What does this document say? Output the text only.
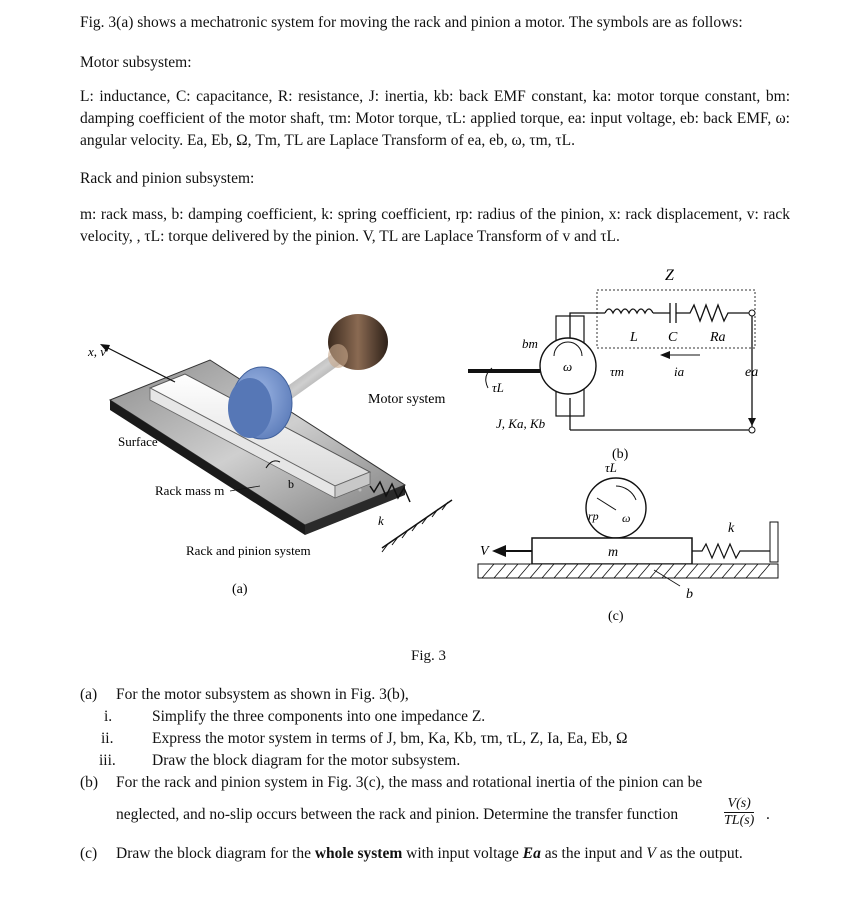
Fig. 3(a) shows a mechatronic system for moving the rack and pinion a motor. The symbols are as follows:

Motor subsystem:

L: inductance, C: capacitance, R: resistance, J: inertia, kb: back EMF constant, ka: motor torque constant, bm: damping coefficient of the motor shaft, τm: Motor torque, τL: applied torque, ea: input voltage, eb: back EMF, ω: angular velocity. Ea, Eb, Ω, Tm, TL are Laplace Transform of ea, eb, ω, τm, τL.

Rack and pinion subsystem:

m: rack mass, b: damping coefficient, k: spring coefficient, rp: radius of the pinion, x: rack displacement, v: rack velocity, , τL: torque delivered by the pinion. V, TL are Laplace Transform of v and τL.

x, v
b
k
Motor system
Surface
Rack mass m
Rack and pinion system
(a)
Z
ea
ω
τL
bm
τm
L C Ra
ia
J, Ka, Kb
(b)
τL
rp ω
m
V
k
b
(c)
Fig. 3
(a) For the motor subsystem as shown in Fig. 3(b),
i.	Simplify the three components into one impedance Z.
ii. Express the motor system in terms of J, bm, Ka, Kb, τm, τL, Z, Ia, Ea, Eb, Ω
iii. Draw the block diagram for the motor subsystem.
(b) For the rack and pinion system in Fig. 3(c), the mass and rotational inertia of the pinion can be
neglected, and no-slip occurs between the rack and pinion. Determine the transfer function	$\frac{V(s)}{TL(s)}$ .
(c) Draw the block diagram for the whole system with input voltage Ea as the input and V as the output.
